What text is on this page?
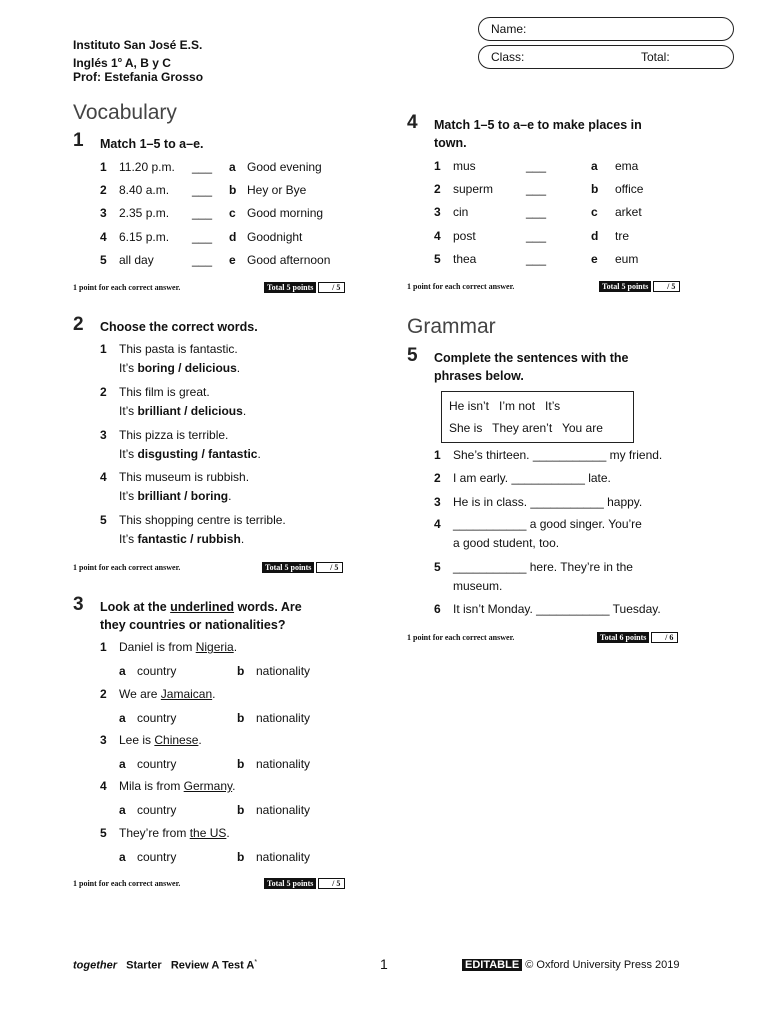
Instituto San José E.S.
Inglés 1$^o$ A, B y C
Prof: Estefania Grosso
Name:
Class:	Total:
Vocabulary
1 Match 1–5 to a–e.
1 11.20 p.m. ___ a Good evening
2 8.40 a.m. ___ b Hey or Bye
3 2.35 p.m. ___ c Good morning
4 6.15 p.m. ___ d Goodnight
5 all day	___ e Good afternoon
1 point for each correct answer.	Total 5 points	/ 5
2 Choose the correct words.
1 This pasta is fantastic.
It’s boring / delicious.
2 This film is great.
It’s brilliant / delicious.
3 This pizza is terrible.
It’s disgusting / fantastic.
4 This museum is rubbish.
It’s brilliant / boring.
5 This shopping centre is terrible.
It’s fantastic / rubbish.
1 point for each correct answer.	Total 5 points	/ 5
3 Look at the underlined words. Are
they countries or nationalities?
1 Daniel is from Nigeria.
a country	b nationality
2 We are Jamaican.
a country	b nationality
3 Lee is Chinese.
a country	b nationality
4 Mila is from Germany.
a country	b nationality
5 They’re from the US.
a country	b nationality
1 point for each correct answer.	Total 5 points	/ 5
4 Match 1–5 to a–e to make places in
town.
1 mus	___	a ema
2 superm	___	b office
3 cin	___	c arket
4 post	___	d tre
5 thea	___	e eum
1 point for each correct answer.	Total 5 points	/ 5
Grammar
5 Complete the sentences with the
phrases below.
He isn’t   I’m not   It’s
She is   They aren’t   You are
1 She’s thirteen. ___________ my friend.
2 I am early. ___________ late.
3 He is in class. ___________ happy.
4 ___________ a good singer. You’re
a good student, too.
5 ___________ here. They’re in the
museum.
6 It isn’t Monday. ___________ Tuesday.
1 point for each correct answer.	Total 6 points	/ 6
together Starter Review A Test A*	1	EDITABLE © Oxford University Press 2019
